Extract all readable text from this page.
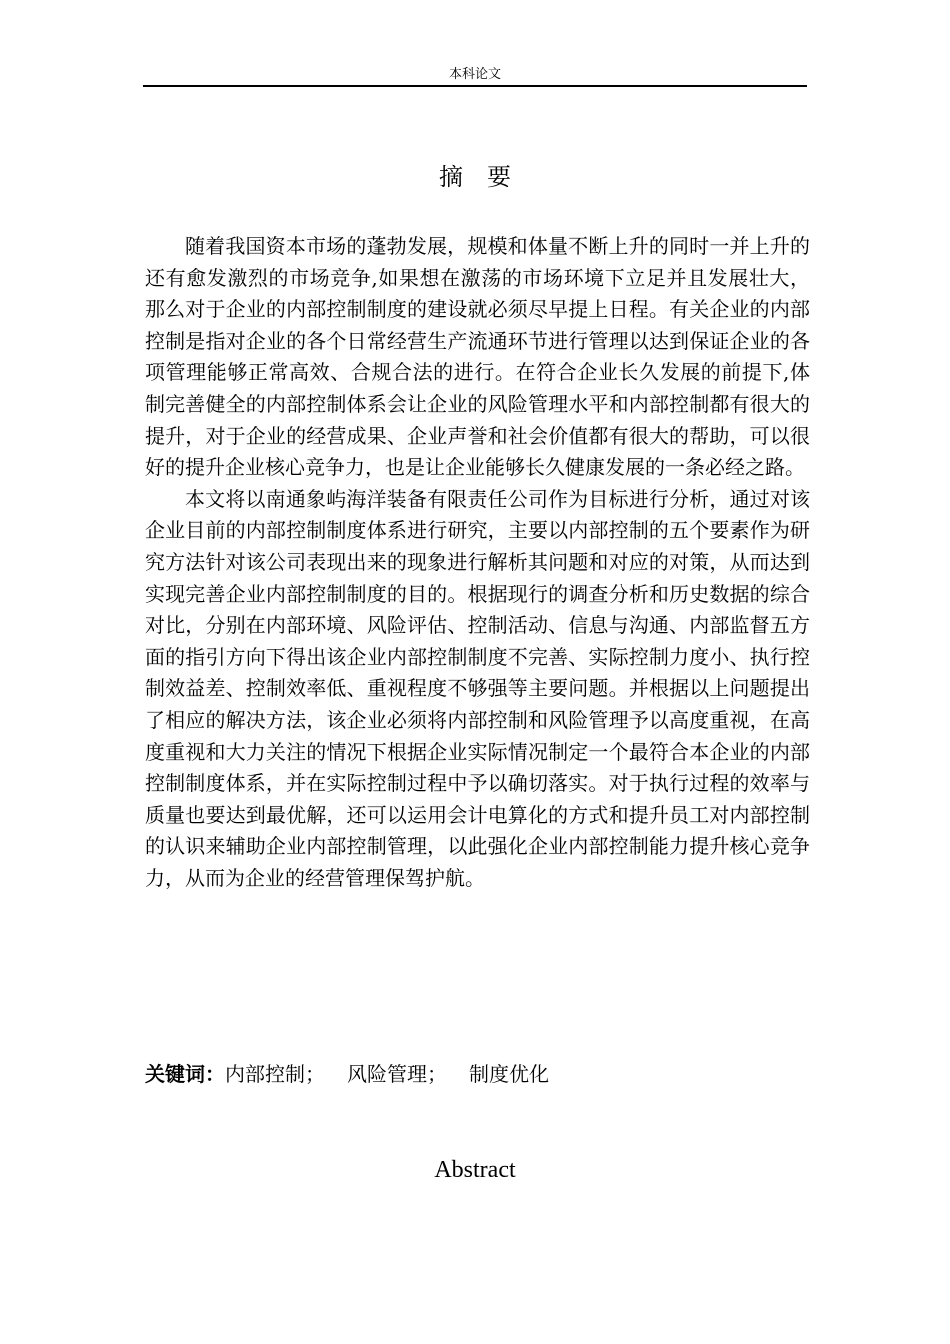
本科论文
摘要

随着我国资本市场的蓬勃发展，规模和体量不断上升的同时一并上升的还有愈发激烈的市场竞争,如果想在激荡的市场环境下立足并且发展壮大，那么对于企业的内部控制制度的建设就必须尽早提上日程。有关企业的内部控制是指对企业的各个日常经营生产流通环节进行管理以达到保证企业的各项管理能够正常高效、合规合法的进行。在符合企业长久发展的前提下,体制完善健全的内部控制体系会让企业的风险管理水平和内部控制都有很大的提升，对于企业的经营成果、企业声誉和社会价值都有很大的帮助，可以很好的提升企业核心竞争力，也是让企业能够长久健康发展的一条必经之路。

本文将以南通象屿海洋装备有限责任公司作为目标进行分析，通过对该企业目前的内部控制制度体系进行研究，主要以内部控制的五个要素作为研究方法针对该公司表现出来的现象进行解析其问题和对应的对策，从而达到实现完善企业内部控制制度的目的。根据现行的调查分析和历史数据的综合对比，分别在内部环境、风险评估、控制活动、信息与沟通、内部监督五方面的指引方向下得出该企业内部控制制度不完善、实际控制力度小、执行控制效益差、控制效率低、重视程度不够强等主要问题。并根据以上问题提出了相应的解决方法，该企业必须将内部控制和风险管理予以高度重视，在高度重视和大力关注的情况下根据企业实际情况制定一个最符合本企业的内部控制制度体系，并在实际控制过程中予以确切落实。对于执行过程的效率与质量也要达到最优解，还可以运用会计电算化的方式和提升员工对内部控制的认识来辅助企业内部控制管理，以此强化企业内部控制能力提升核心竞争力，从而为企业的经营管理保驾护航。

关键词：内部控制； 风险管理； 制度优化
Abstract
